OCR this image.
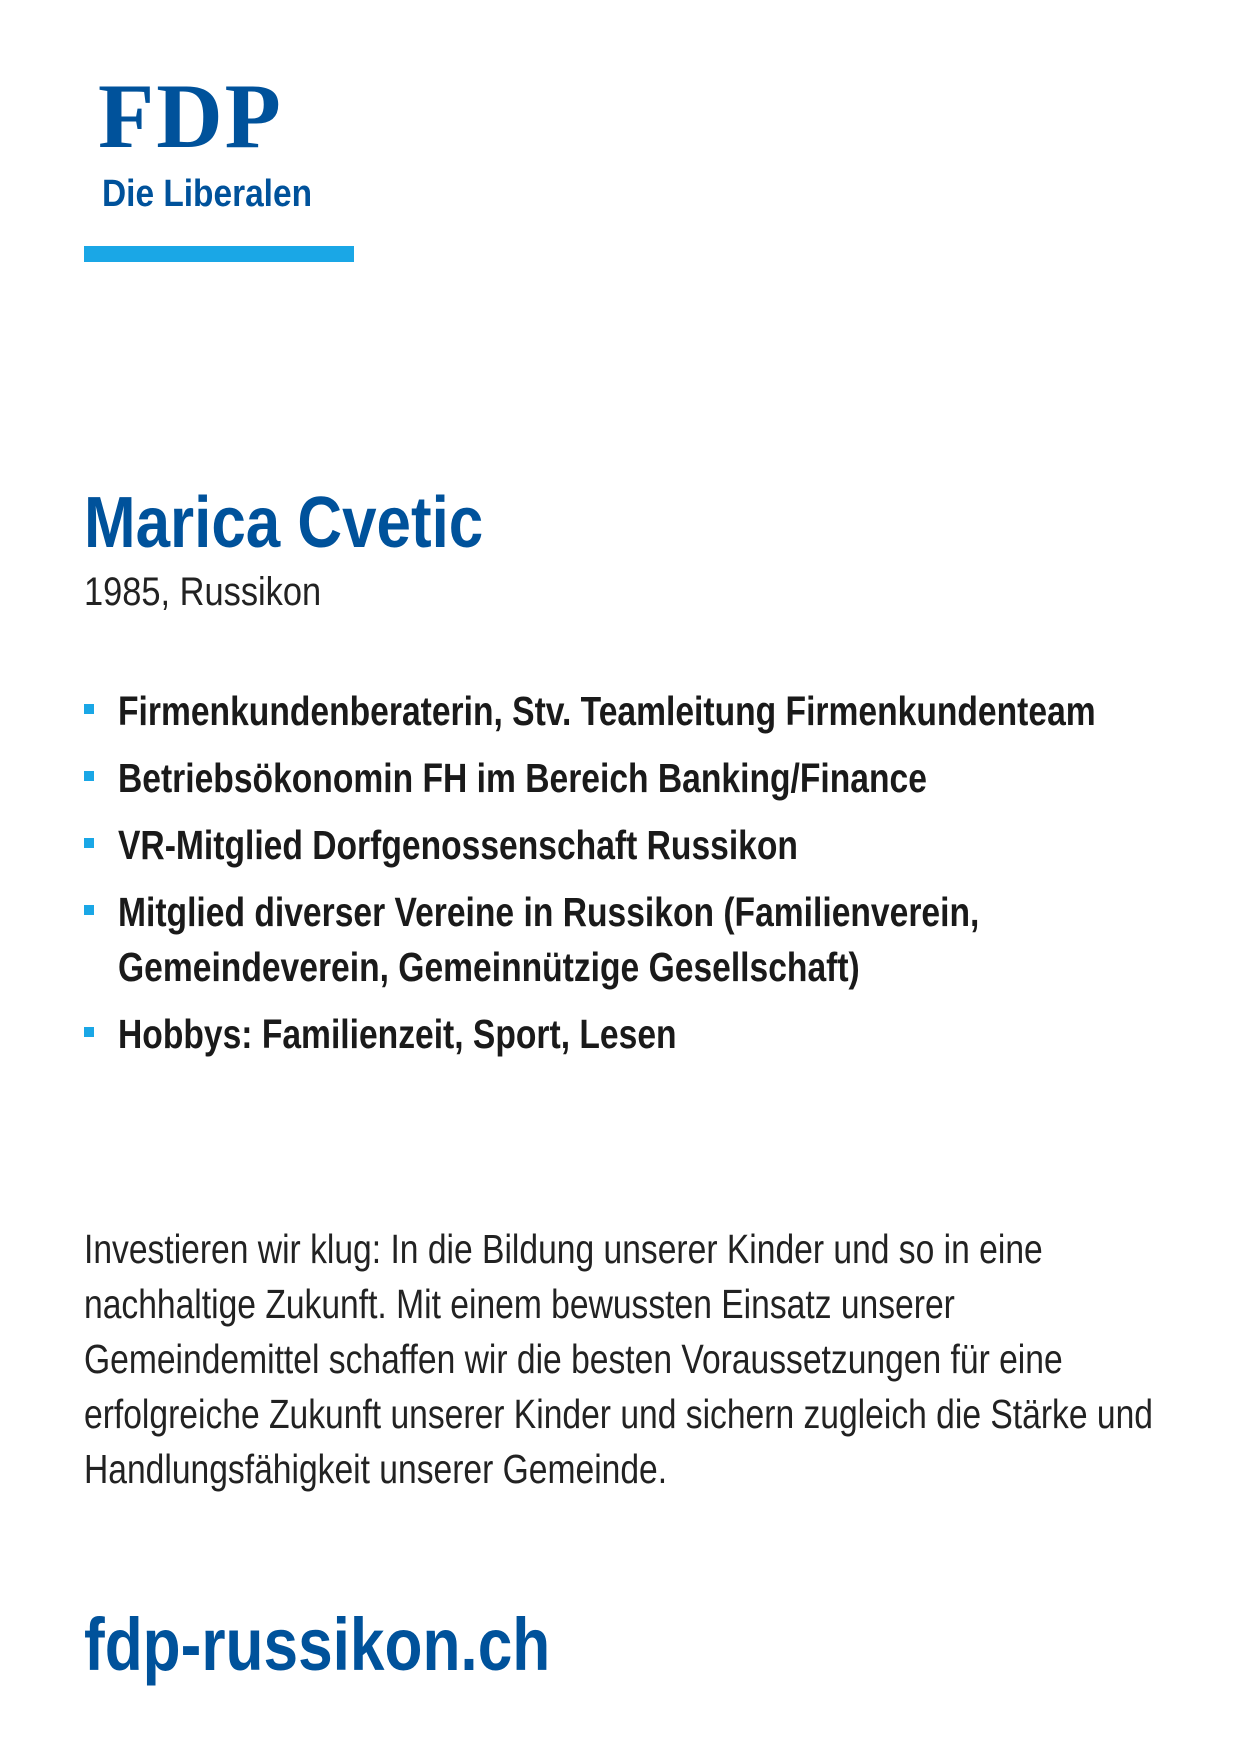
FDP
Die Liberalen
Marica Cvetic
1985, Russikon
Firmenkundenberaterin, Stv. Teamleitung Firmenkundenteam
Betriebsökonomin FH im Bereich Banking/Finance
VR-Mitglied Dorfgenossenschaft Russikon
Mitglied diverser Vereine in Russikon (Familienverein, Gemeindeverein, Gemeinnützige Gesellschaft)
Hobbys: Familienzeit, Sport, Lesen
Investieren wir klug: In die Bildung unserer Kinder und so in eine nachhaltige Zukunft. Mit einem bewussten Einsatz unserer Gemeindemittel schaffen wir die besten Voraussetzungen für eine erfolgreiche Zukunft unserer Kinder und sichern zugleich die Stärke und Handlungsfähigkeit unserer Gemeinde.
fdp-russikon.ch
